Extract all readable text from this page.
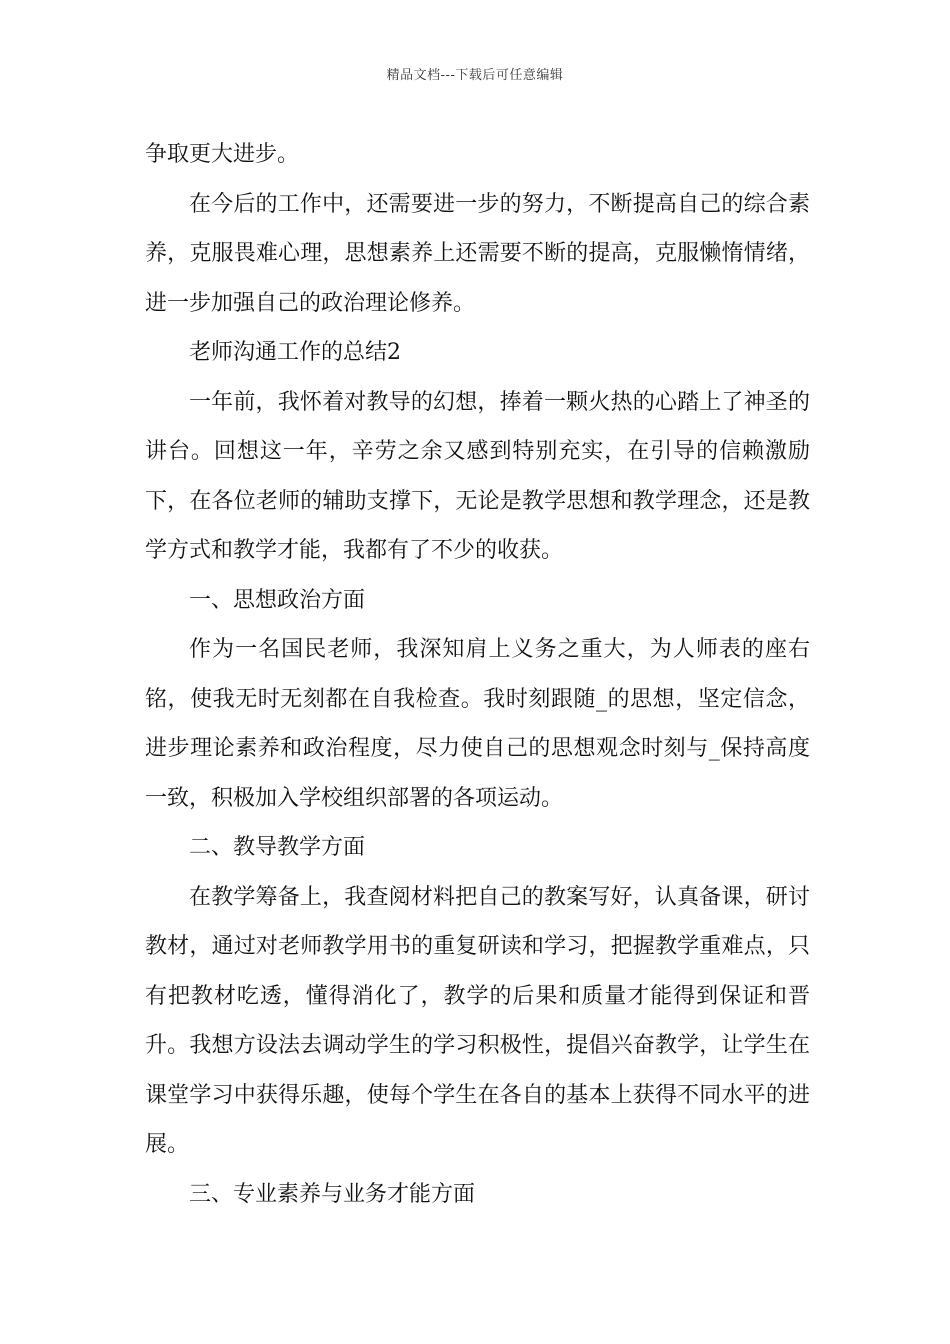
精品文档---下载后可任意编辑

争取更大进步。

在今后的工作中，还需要进一步的努力，不断提高自己的综合素养，克服畏难心理，思想素养上还需要不断的提高，克服懒惰情绪，进一步加强自己的政治理论修养。

老师沟通工作的总结2

一年前，我怀着对教导的幻想，捧着一颗火热的心踏上了神圣的讲台。回想这一年，辛劳之余又感到特别充实，在引导的信赖激励下，在各位老师的辅助支撑下，无论是教学思想和教学理念，还是教学方式和教学才能，我都有了不少的收获。

一、思想政治方面

作为一名国民老师，我深知肩上义务之重大，为人师表的座右铭，使我无时无刻都在自我检查。我时刻跟随_的思想，坚定信念，进步理论素养和政治程度，尽力使自己的思想观念时刻与_保持高度一致，积极加入学校组织部署的各项运动。

二、教导教学方面

在教学筹备上，我查阅材料把自己的教案写好，认真备课，研讨教材，通过对老师教学用书的重复研读和学习，把握教学重难点，只有把教材吃透，懂得消化了，教学的后果和质量才能得到保证和晋升。我想方设法去调动学生的学习积极性，提倡兴奋教学，让学生在课堂学习中获得乐趣，使每个学生在各自的基本上获得不同水平的进展。

三、专业素养与业务才能方面
